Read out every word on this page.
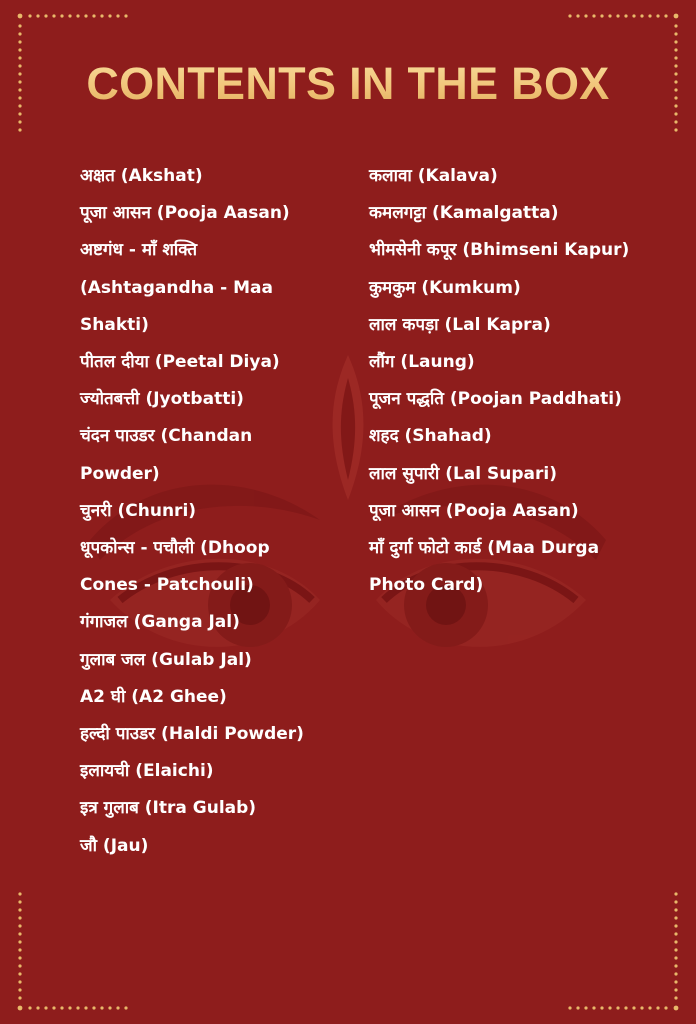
CONTENTS IN THE BOX
अक्षत (Akshat)
पूजा आसन (Pooja Aasan)
अष्टगंध - माँ शक्ति
(Ashtagandha - Maa
Shakti)
पीतल दीया (Peetal Diya)
ज्योतबत्ती (Jyotbatti)
चंदन पाउडर (Chandan
Powder)
चुनरी (Chunri)
धूपकोन्स - पचौली (Dhoop
Cones - Patchouli)
गंगाजल (Ganga Jal)
गुलाब जल (Gulab Jal)
A2 घी (A2 Ghee)
हल्दी पाउडर (Haldi Powder)
इलायची (Elaichi)
इत्र गुलाब (Itra Gulab)
जौ (Jau)
कलावा (Kalava)
कमलगट्टा (Kamalgatta)
भीमसेनी कपूर (Bhimseni Kapur)
कुमकुम (Kumkum)
लाल कपड़ा (Lal Kapra)
लौंग (Laung)
पूजन पद्धति (Poojan Paddhati)
शहद (Shahad)
लाल सुपारी (Lal Supari)
पूजा आसन (Pooja Aasan)
माँ दुर्गा फोटो कार्ड (Maa Durga
Photo Card)
